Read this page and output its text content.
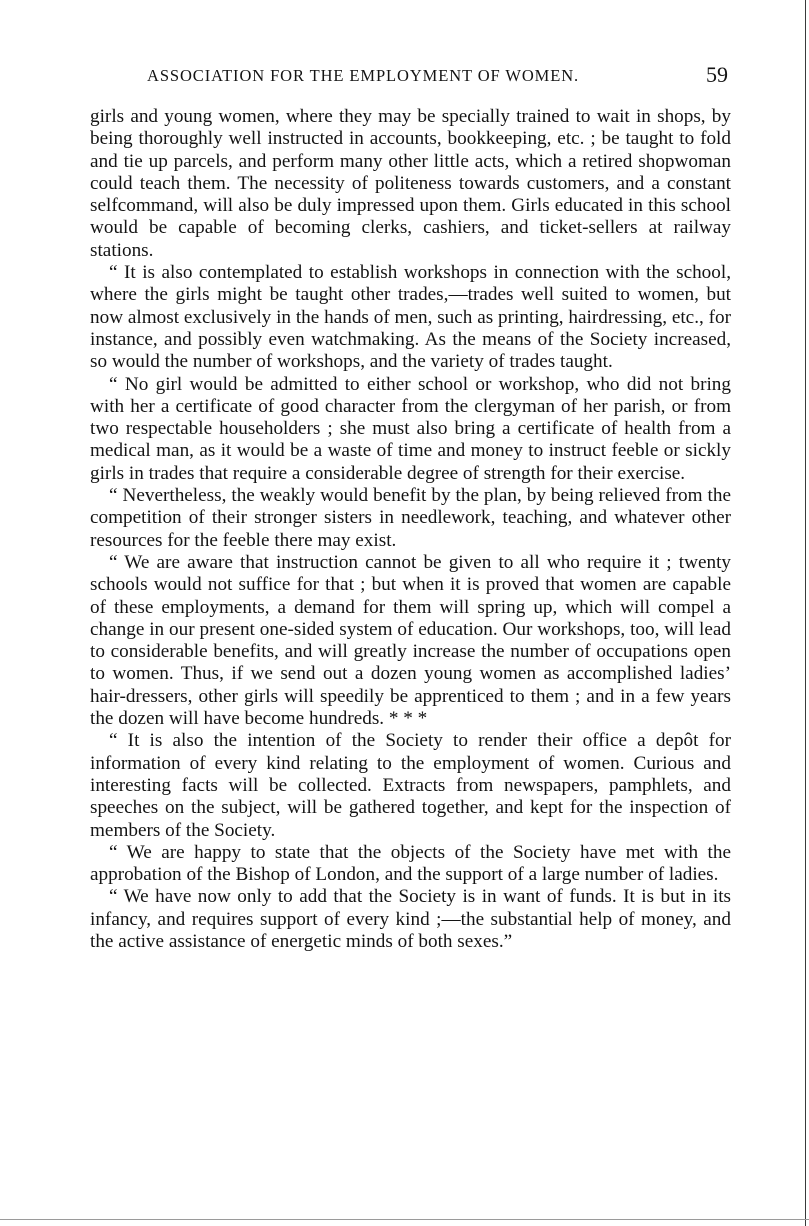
ASSOCIATION FOR THE EMPLOYMENT OF WOMEN.	59

girls and young women, where they may be specially trained to wait in shops, by being thoroughly well instructed in accounts, bookkeeping, etc. ; be taught to fold and tie up parcels, and perform many other little acts, which a retired shopwoman could teach them. The necessity of politeness towards customers, and a constant selfcommand, will also be duly impressed upon them. Girls educated in this school would be capable of becoming clerks, cashiers, and ticket-sellers at railway stations.

“ It is also contemplated to establish workshops in connection with the school, where the girls might be taught other trades,—trades well suited to women, but now almost exclusively in the hands of men, such as printing, hairdressing, etc., for instance, and possibly even watchmaking. As the means of the Society increased, so would the number of workshops, and the variety of trades taught.

“ No girl would be admitted to either school or workshop, who did not bring with her a certificate of good character from the clergyman of her parish, or from two respectable householders ; she must also bring a certificate of health from a medical man, as it would be a waste of time and money to instruct feeble or sickly girls in trades that require a considerable degree of strength for their exercise.

“ Nevertheless, the weakly would benefit by the plan, by being relieved from the competition of their stronger sisters in needlework, teaching, and whatever other resources for the feeble there may exist.

“ We are aware that instruction cannot be given to all who require it ; twenty schools would not suffice for that ; but when it is proved that women are capable of these employments, a demand for them will spring up, which will compel a change in our present one-sided system of education. Our workshops, too, will lead to considerable benefits, and will greatly increase the number of occupations open to women. Thus, if we send out a dozen young women as accomplished ladies’ hair-dressers, other girls will speedily be apprenticed to them ; and in a few years the dozen will have become hundreds. * * *

“ It is also the intention of the Society to render their office a depôt for information of every kind relating to the employment of women. Curious and interesting facts will be collected. Extracts from newspapers, pamphlets, and speeches on the subject, will be gathered together, and kept for the inspection of members of the Society.

“ We are happy to state that the objects of the Society have met with the approbation of the Bishop of London, and the support of a large number of ladies.

“ We have now only to add that the Society is in want of funds. It is but in its infancy, and requires support of every kind ;—the substantial help of money, and the active assistance of energetic minds of both sexes.”
